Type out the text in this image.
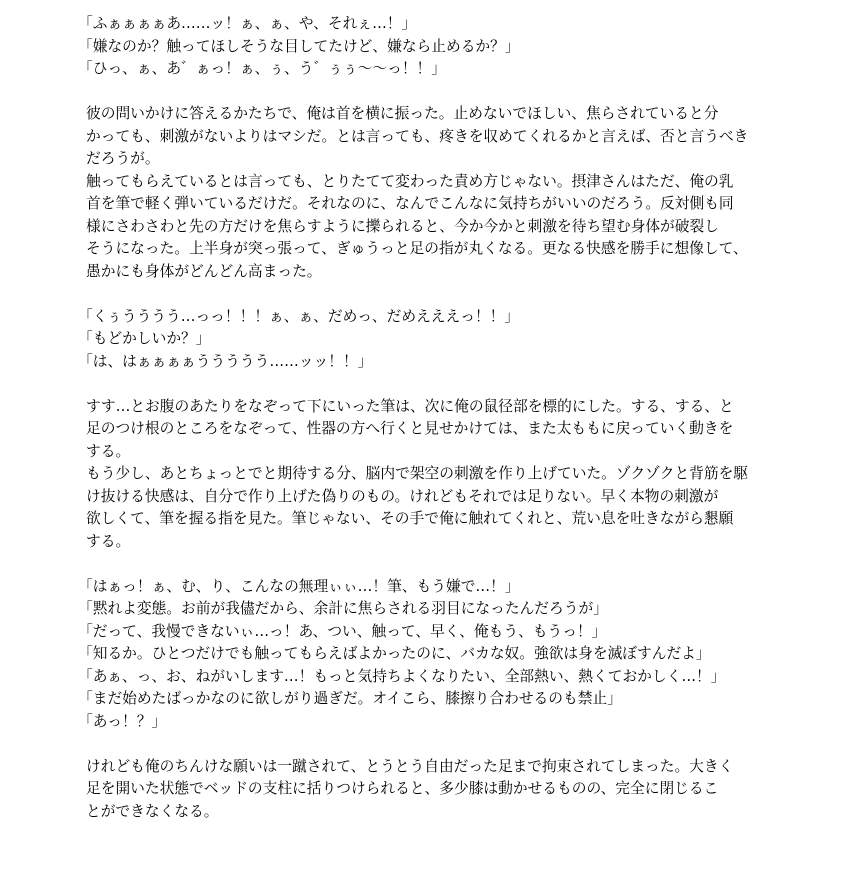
「ふぁぁぁぁあ……ッ！ぁ、ぁ、や、それぇ…！」

「嫌なのか？触ってほしそうな目してたけど、嫌なら止めるか？」

「ひっ、ぁ、あ゛ぁっ！ぁ、ぅ、う゛ぅぅ〜〜っ！！」

彼の問いかけに答えるかたちで、俺は首を横に振った。止めないでほしい、焦らされていると分

かっても、刺激がないよりはマシだ。とは言っても、疼きを収めてくれるかと言えば、否と言うべき

だろうが。

触ってもらえているとは言っても、とりたてて変わった責め方じゃない。摂津さんはただ、俺の乳

首を筆で軽く弾いているだけだ。それなのに、なんでこんなに気持ちがいいのだろう。反対側も同

様にさわさわと先の方だけを焦らすように擽られると、今か今かと刺激を待ち望む身体が破裂し

そうになった。上半身が突っ張って、ぎゅうっと足の指が丸くなる。更なる快感を勝手に想像して、

愚かにも身体がどんどん高まった。

「くぅうううう…っっ！！！ぁ、ぁ、だめっ、だめえええっ！！」

「もどかしいか？」

「は、はぁぁぁぁううううう……ッッ！！」

すす…とお腹のあたりをなぞって下にいった筆は、次に俺の鼠径部を標的にした。する、する、と

足のつけ根のところをなぞって、性器の方へ行くと見せかけては、また太ももに戻っていく動きを

する。

もう少し、あとちょっとでと期待する分、脳内で架空の刺激を作り上げていた。ゾクゾクと背筋を駆

け抜ける快感は、自分で作り上げた偽りのもの。けれどもそれでは足りない。早く本物の刺激が

欲しくて、筆を握る指を見た。筆じゃない、その手で俺に触れてくれと、荒い息を吐きながら懇願

する。

「はぁっ！ぁ、む、り、こんなの無理ぃぃ…！筆、もう嫌で…！」

「黙れよ変態。お前が我儘だから、余計に焦らされる羽目になったんだろうが」

「だって、我慢できないぃ…っ！あ、つい、触って、早く、俺もう、もうっ！」

「知るか。ひとつだけでも触ってもらえばよかったのに、バカな奴。強欲は身を滅ぼすんだよ」

「あぁ、っ、お、ねがいします…！もっと気持ちよくなりたい、全部熱い、熱くておかしく…！」

「まだ始めたばっかなのに欲しがり過ぎだ。オイこら、膝擦り合わせるのも禁止」

「あっ！？」

けれども俺のちんけな願いは一蹴されて、とうとう自由だった足まで拘束されてしまった。大きく

足を開いた状態でベッドの支柱に括りつけられると、多少膝は動かせるものの、完全に閉じるこ

とができなくなる。
